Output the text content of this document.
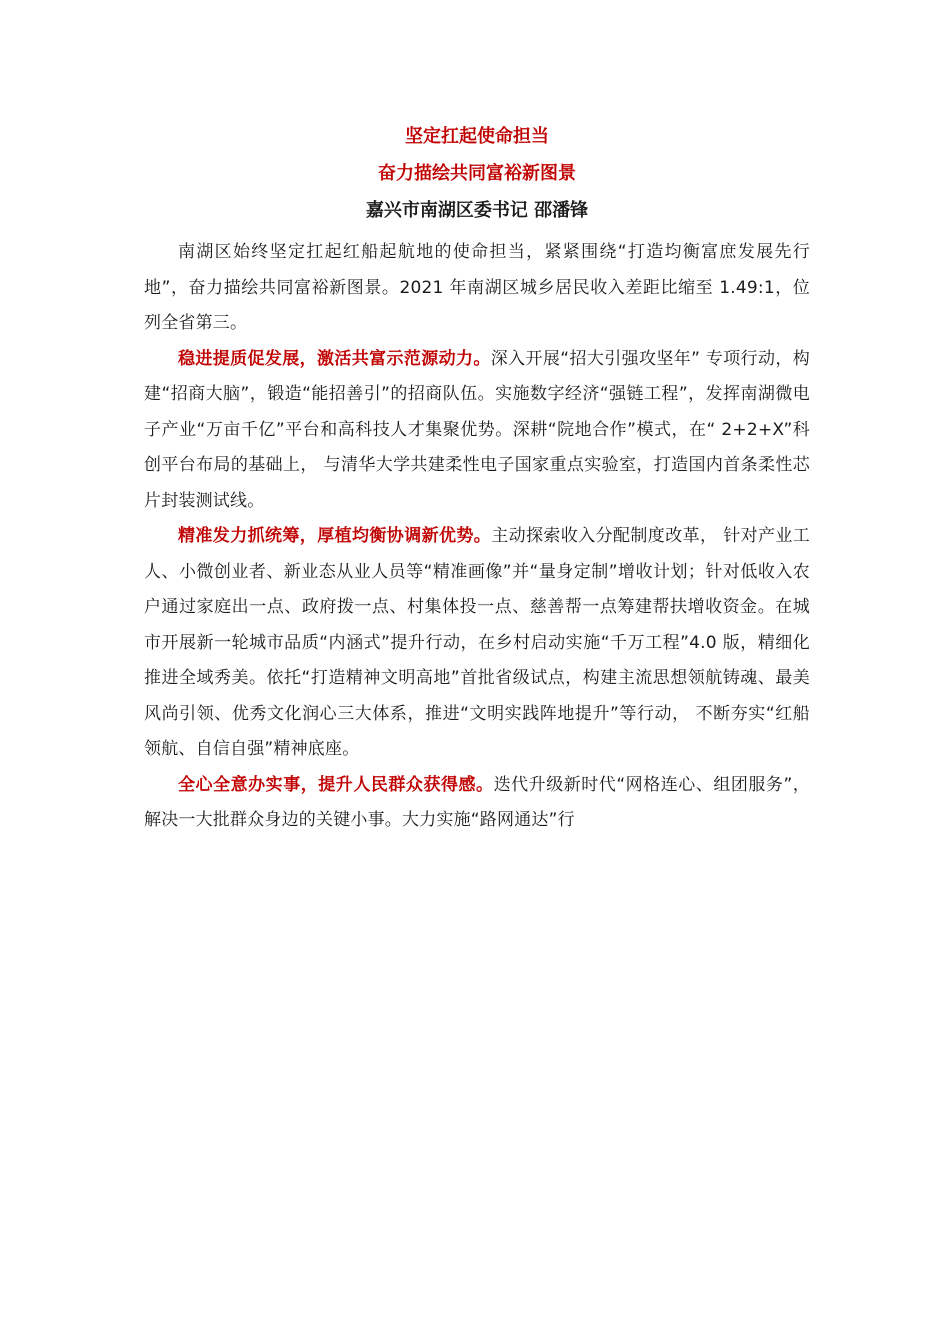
坚定扛起使命担当
奋力描绘共同富裕新图景
嘉兴市南湖区委书记 邵潘锋

南湖区始终坚定扛起红船起航地的使命担当，紧紧围绕“打造均衡富庶发展先行地”，奋力描绘共同富裕新图景。2021 年南湖区城乡居民收入差距比缩至 1.49:1，位列全省第三。

稳进提质促发展，激活共富示范源动力。深入开展“招大引强攻坚年” 专项行动，构建“招商大脑”，锻造“能招善引”的招商队伍。实施数字经济“强链工程”，发挥南湖微电子产业“万亩千亿”平台和高科技人才集聚优势。深耕“院地合作”模式，在“ 2+2+X”科创平台布局的基础上， 与清华大学共建柔性电子国家重点实验室，打造国内首条柔性芯片封装测试线。

精准发力抓统筹，厚植均衡协调新优势。主动探索收入分配制度改革， 针对产业工人、小微创业者、新业态从业人员等“精准画像”并“量身定制”增收计划；针对低收入农户通过家庭出一点、政府拨一点、村集体投一点、慈善帮一点筹建帮扶增收资金。在城市开展新一轮城市品质“内涵式”提升行动，在乡村启动实施“千万工程”4.0 版，精细化推进全域秀美。依托“打造精神文明高地”首批省级试点，构建主流思想领航铸魂、最美风尚引领、优秀文化润心三大体系，推进“文明实践阵地提升”等行动， 不断夯实“红船领航、自信自强”精神底座。

全心全意办实事，提升人民群众获得感。迭代升级新时代“网格连心、组团服务”，解决一大批群众身边的关键小事。大力实施“路网通达”行
